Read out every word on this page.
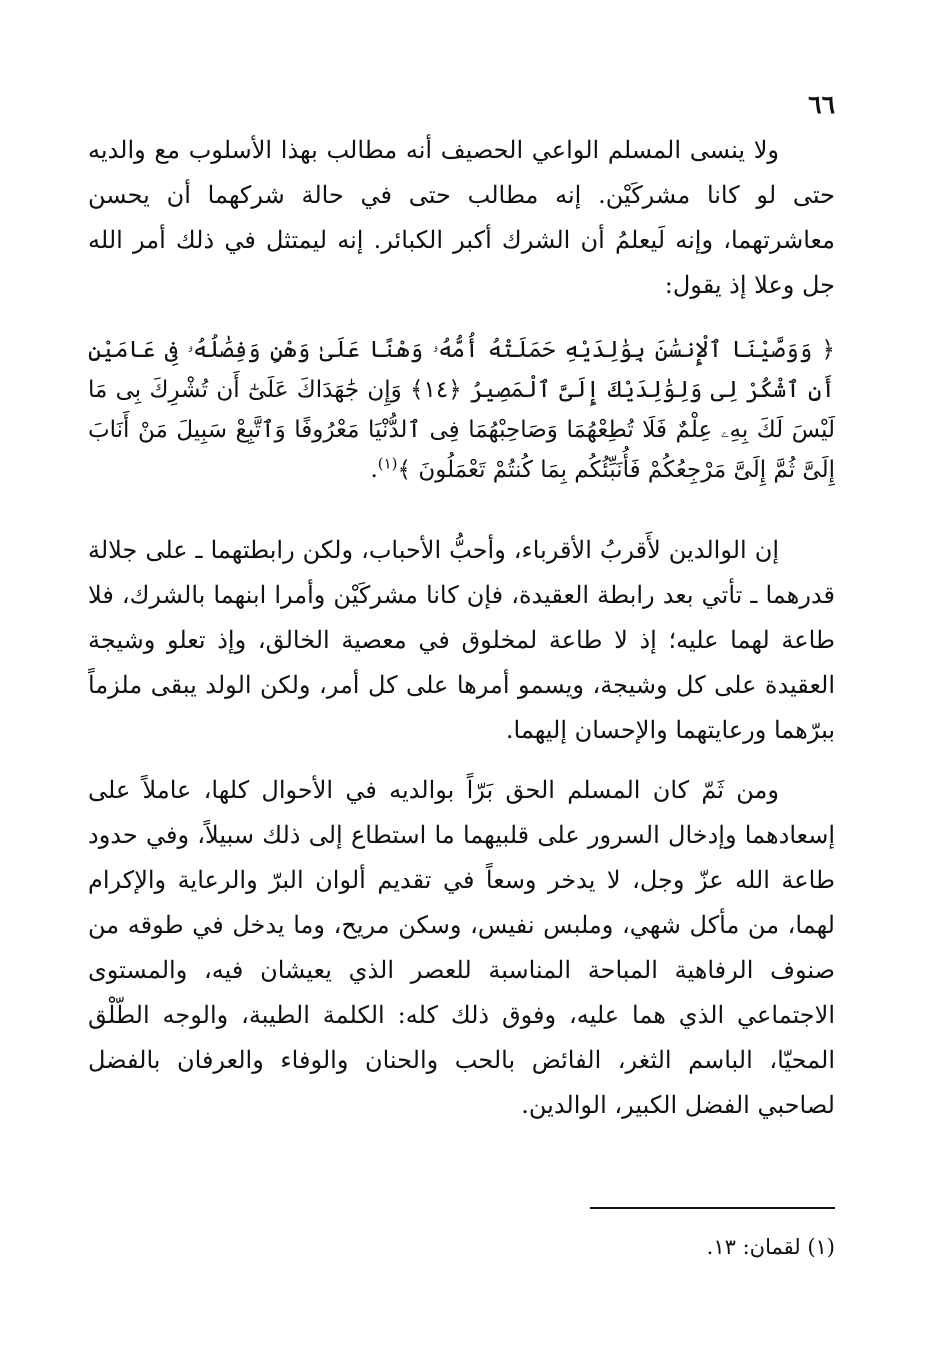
٦٦

ولا ينسى المسلم الواعي الحصيف أنه مطالب بهذا الأسلوب مع والديه حتى لو كانا مشركَيْن. إنه مطالب حتى في حالة شركهما أن يحسن معاشرتهما، وإنه لَيعلمُ أن الشرك أكبر الكبائر. إنه ليمتثل في ذلك أمر الله جل وعلا إذ يقول:

﴿ وَوَصَّيْنَا ٱلْإِنسَٰنَ بِوَٰلِدَيْهِ حَمَلَتْهُ أُمُّهُۥ وَهْنًا عَلَىٰ وَهْنٍ وَفِصَٰلُهُۥ فِى عَامَيْنِ أَنِ ٱشْكُرْ لِى وَلِوَٰلِدَيْكَ إِلَىَّ ٱلْمَصِيرُ ﴿١٤﴾ وَإِن جَٰهَدَاكَ عَلَىٰٓ أَن تُشْرِكَ بِى مَا لَيْسَ لَكَ بِهِۦ عِلْمٌ فَلَا تُطِعْهُمَا وَصَاحِبْهُمَا فِى ٱلدُّنْيَا مَعْرُوفًا وَٱتَّبِعْ سَبِيلَ مَنْ أَنَابَ إِلَىَّ ثُمَّ إِلَىَّ مَرْجِعُكُمْ فَأُنَبِّئُكُم بِمَا كُنتُمْ تَعْمَلُونَ ﴾$^{(١)}$.

إن الوالدين لأَقربُ الأقرباء، وأحبُّ الأحباب، ولكن رابطتهما ـ على جلالة قدرهما ـ تأتي بعد رابطة العقيدة، فإن كانا مشركَيْن وأمرا ابنهما بالشرك، فلا طاعة لهما عليه؛ إذ لا طاعة لمخلوق في معصية الخالق، وإذ تعلو وشيجة العقيدة على كل وشيجة، ويسمو أمرها على كل أمر، ولكن الولد يبقى ملزماً ببرّهما ورعايتهما والإحسان إليهما.

ومن ثَمّ كان المسلم الحق بَرّاً بوالديه في الأحوال كلها، عاملاً على إسعادهما وإدخال السرور على قلبيهما ما استطاع إلى ذلك سبيلاً، وفي حدود طاعة الله عزّ وجل، لا يدخر وسعاً في تقديم ألوان البرّ والرعاية والإكرام لهما، من مأكل شهي، وملبس نفيس، وسكن مريح، وما يدخل في طوقه من صنوف الرفاهية المباحة المناسبة للعصر الذي يعيشان فيه، والمستوى الاجتماعي الذي هما عليه، وفوق ذلك كله: الكلمة الطيبة، والوجه الطّلْق المحيّا، الباسم الثغر، الفائض بالحب والحنان والوفاء والعرفان بالفضل لصاحبي الفضل الكبير، الوالدين.

(١) لقمان: ١٣.
